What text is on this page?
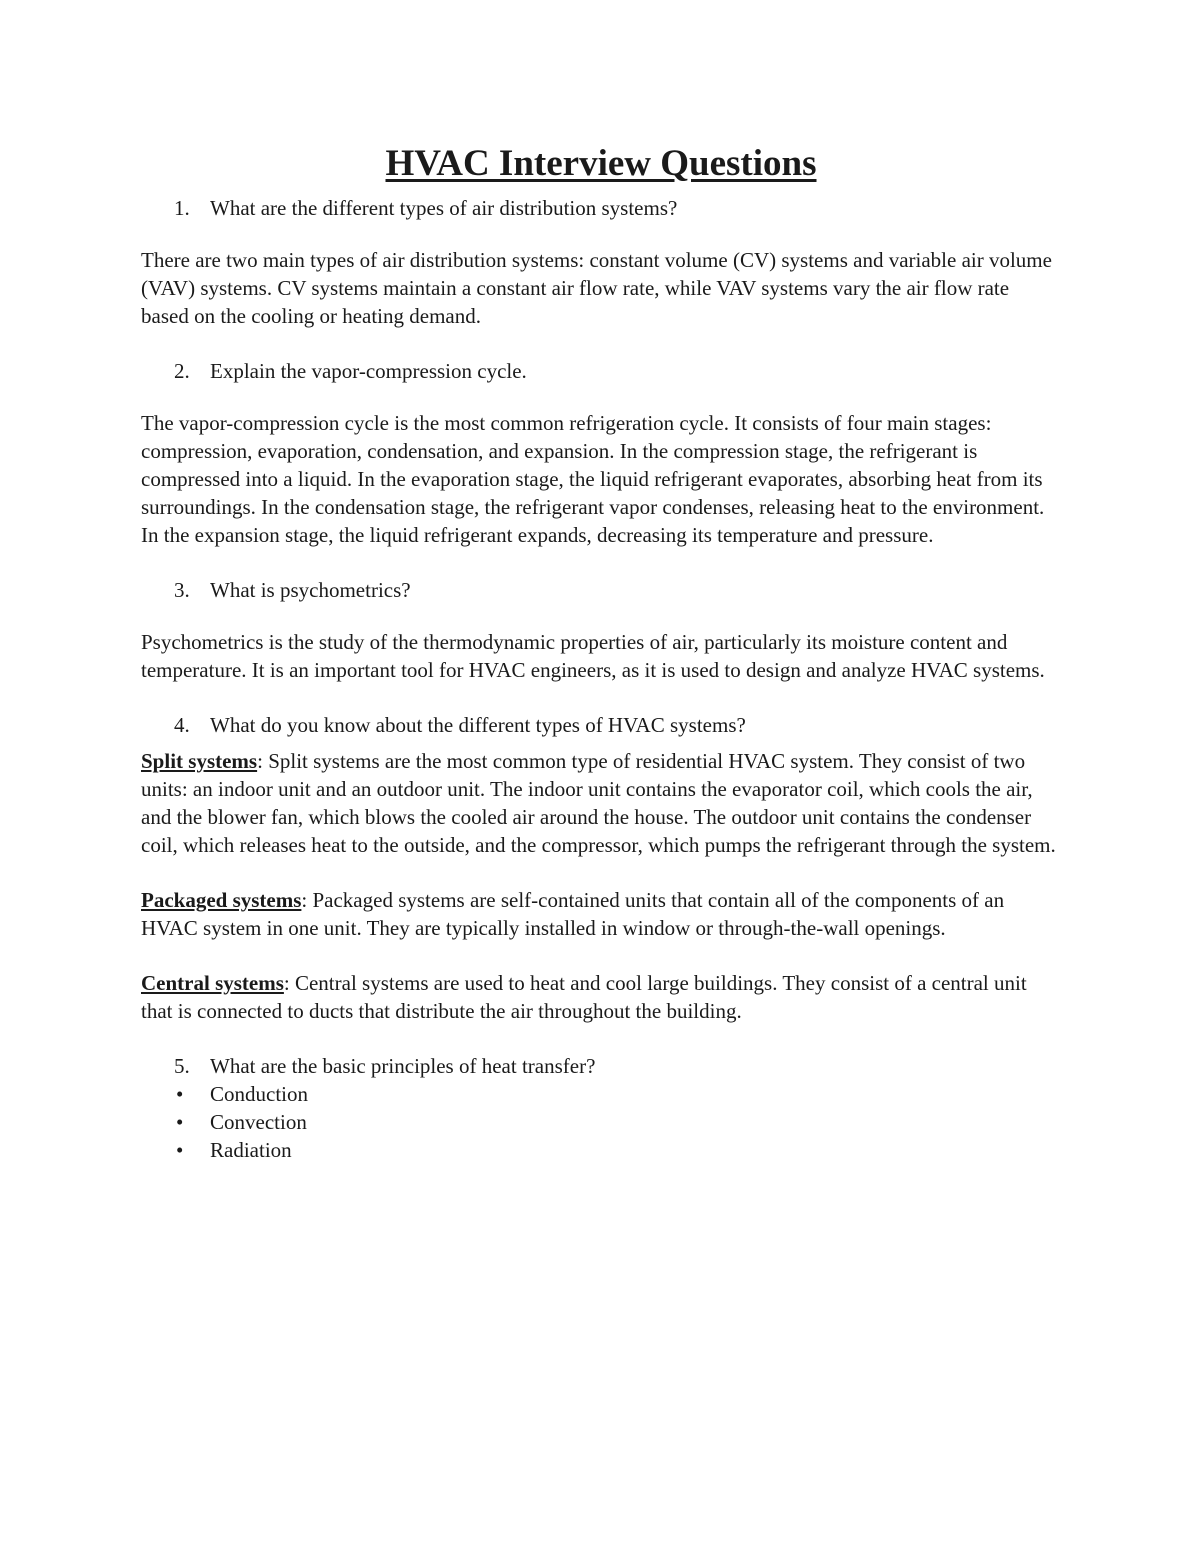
HVAC Interview Questions

1. What are the different types of air distribution systems?

There are two main types of air distribution systems: constant volume (CV) systems and variable air volume (VAV) systems. CV systems maintain a constant air flow rate, while VAV systems vary the air flow rate based on the cooling or heating demand.

2. Explain the vapor-compression cycle.

The vapor-compression cycle is the most common refrigeration cycle. It consists of four main stages: compression, evaporation, condensation, and expansion. In the compression stage, the refrigerant is compressed into a liquid. In the evaporation stage, the liquid refrigerant evaporates, absorbing heat from its surroundings. In the condensation stage, the refrigerant vapor condenses, releasing heat to the environment. In the expansion stage, the liquid refrigerant expands, decreasing its temperature and pressure.

3. What is psychometrics?

Psychometrics is the study of the thermodynamic properties of air, particularly its moisture content and temperature. It is an important tool for HVAC engineers, as it is used to design and analyze HVAC systems.

4. What do you know about the different types of HVAC systems?

Split systems: Split systems are the most common type of residential HVAC system. They consist of two units: an indoor unit and an outdoor unit. The indoor unit contains the evaporator coil, which cools the air, and the blower fan, which blows the cooled air around the house. The outdoor unit contains the condenser coil, which releases heat to the outside, and the compressor, which pumps the refrigerant through the system.

Packaged systems: Packaged systems are self-contained units that contain all of the components of an HVAC system in one unit. They are typically installed in window or through-the-wall openings.

Central systems: Central systems are used to heat and cool large buildings. They consist of a central unit that is connected to ducts that distribute the air throughout the building.

5. What are the basic principles of heat transfer?

• Conduction

• Convection

• Radiation
